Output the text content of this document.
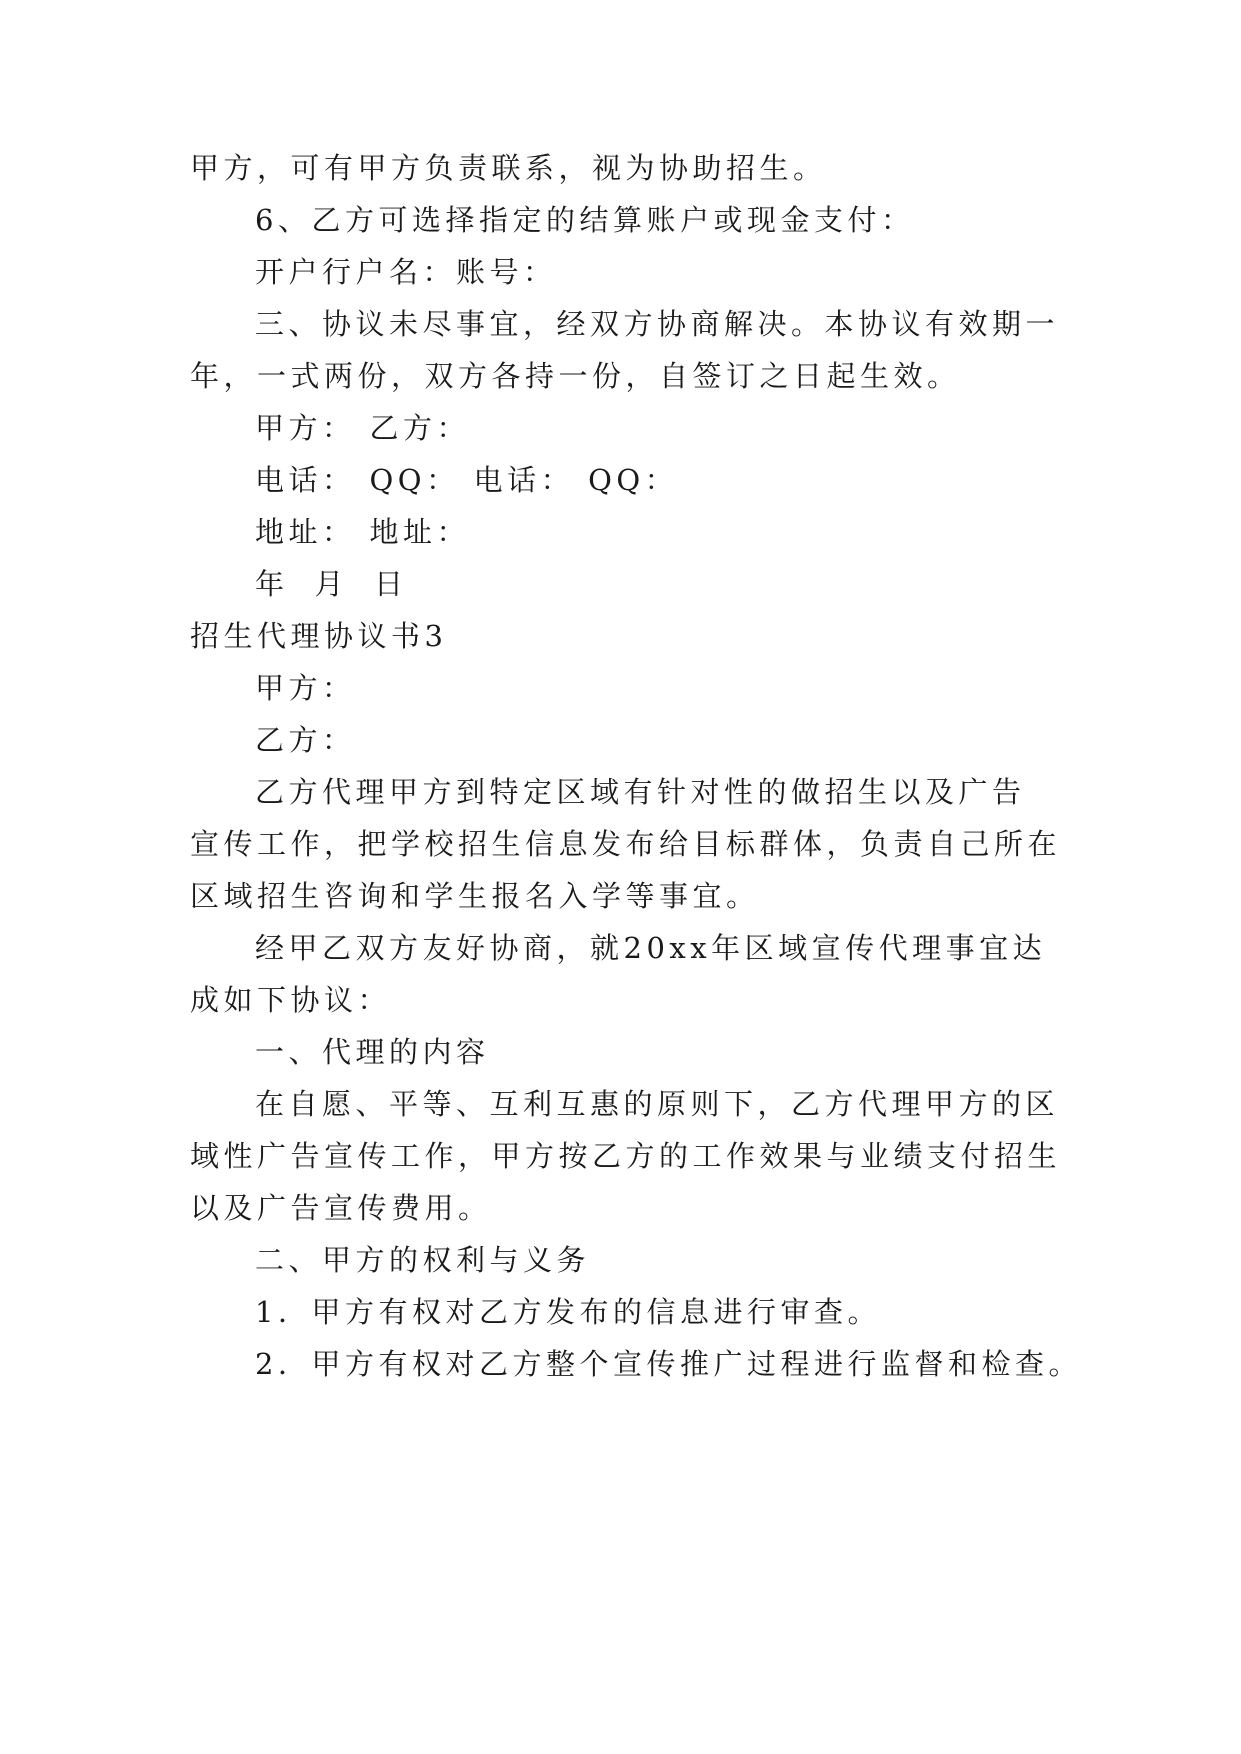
甲方，可有甲方负责联系，视为协助招生。
6、乙方可选择指定的结算账户或现金支付：
开户行户名：账号：
三、协议未尽事宜，经双方协商解决。本协议有效期一
年，一式两份，双方各持一份，自签订之日起生效。
甲方： 乙方：
电话： QQ： 电话： QQ：
地址： 地址：
年 月 日
招生代理协议书3
甲方：
乙方：
乙方代理甲方到特定区域有针对性的做招生以及广告
宣传工作，把学校招生信息发布给目标群体，负责自己所在
区域招生咨询和学生报名入学等事宜。
经甲乙双方友好协商，就20xx年区域宣传代理事宜达
成如下协议：
一、代理的内容
在自愿、平等、互利互惠的原则下，乙方代理甲方的区
域性广告宣传工作，甲方按乙方的工作效果与业绩支付招生
以及广告宣传费用。
二、甲方的权利与义务
1．甲方有权对乙方发布的信息进行审查。
2．甲方有权对乙方整个宣传推广过程进行监督和检查。
